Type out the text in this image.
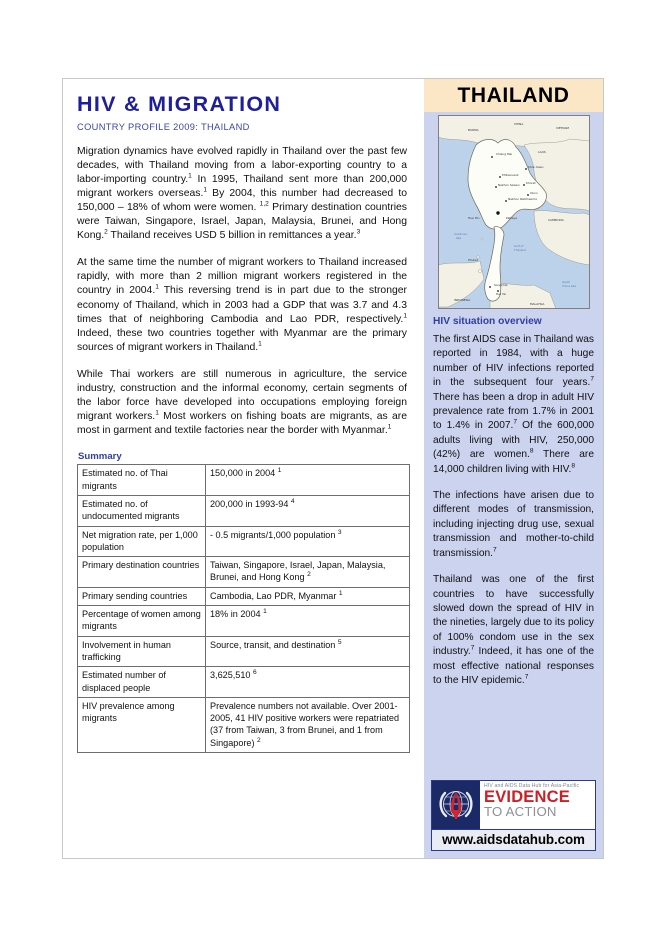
HIV & MIGRATION
COUNTRY PROFILE 2009: THAILAND

Migration dynamics have evolved rapidly in Thailand over the past few decades, with Thailand moving from a labor-exporting country to a labor-importing country.$^1$ In 1995, Thailand sent more than 200,000 migrant workers overseas.$^1$ By 2004, this number had decreased to 150,000 – 18% of whom were women. $^{1,2}$ Primary destination countries were Taiwan, Singapore, Israel, Japan, Malaysia, Brunei, and Hong Kong.$^2$ Thailand receives USD 5 billion in remittances a year.$^3$

At the same time the number of migrant workers to Thailand increased rapidly, with more than 2 million migrant workers registered in the country in 2004.$^1$ This reversing trend is in part due to the stronger economy of Thailand, which in 2003 had a GDP that was 3.7 and 4.3 times that of neighboring Cambodia and Lao PDR, respectively.$^1$ Indeed, these two countries together with Myanmar are the primary sources of migrant workers in Thailand.$^1$

While Thai workers are still numerous in agriculture, the service industry, construction and the informal economy, certain segments of the labor force have developed into occupations employing foreign migrant workers.$^1$ Most workers on fishing boats are migrants, as are most in garment and textile factories near the border with Myanmar.$^1$

Summary
Estimated no. of Thai migrants	150,000 in 2004 $^1$
Estimated no. of undocumented migrants	200,000 in 1993-94 $^4$
Net migration rate, per 1,000 population	- 0.5 migrants/1,000 population $^3$
Primary destination countries	Taiwan, Singapore, Israel, Japan, Malaysia, Brunei, and Hong Kong $^2$
Primary sending countries	Cambodia, Lao PDR, Myanmar $^1$
Percentage of women among migrants	18% in 2004 $^1$
Involvement in human trafficking	Source, transit, and destination $^5$
Estimated number of displaced people	3,625,510 $^6$
HIV prevalence among migrants	Prevalence numbers not available. Over 2001-2005, 41 HIV positive workers were repatriated (37 from Taiwan, 3 from Brunei, and 1 from Singapore) $^2$
THAILAND
BURMA
CHINA
VIETNAM
LAOS
CAMBODIA
INDONESIA
MALAYSIA
Chiang Mai
Phitsanulok
Nakhon Sawan
Nakhon Ratchasima
Khon Kaen
Khorat
Ubon
Pattaya
Hua Hin
Phuket
Songkhla
Hat Yai
Gulf of
Thailand
Andaman
Sea
South
China Sea
HIV situation overview

The first AIDS case in Thailand was reported in 1984, with a huge number of HIV infections reported in the subsequent four years.$^7$ There has been a drop in adult HIV prevalence rate from 1.7% in 2001 to 1.4% in 2007.$^7$ Of the 600,000 adults living with HIV, 250,000 (42%) are women.$^8$ There are 14,000 children living with HIV.$^8$

The infections have arisen due to different modes of transmission, including injecting drug use, sexual transmission and mother-to-child transmission.$^7$

Thailand was one of the first countries to have successfully slowed down the spread of HIV in the nineties, largely due to its policy of 100% condom use in the sex industry.$^7$ Indeed, it has one of the most effective national responses to the HIV epidemic.$^7$

HIV and AIDS Data Hub for Asia-Pacific
EVIDENCE
TO ACTION
www.aidsdatahub.com
